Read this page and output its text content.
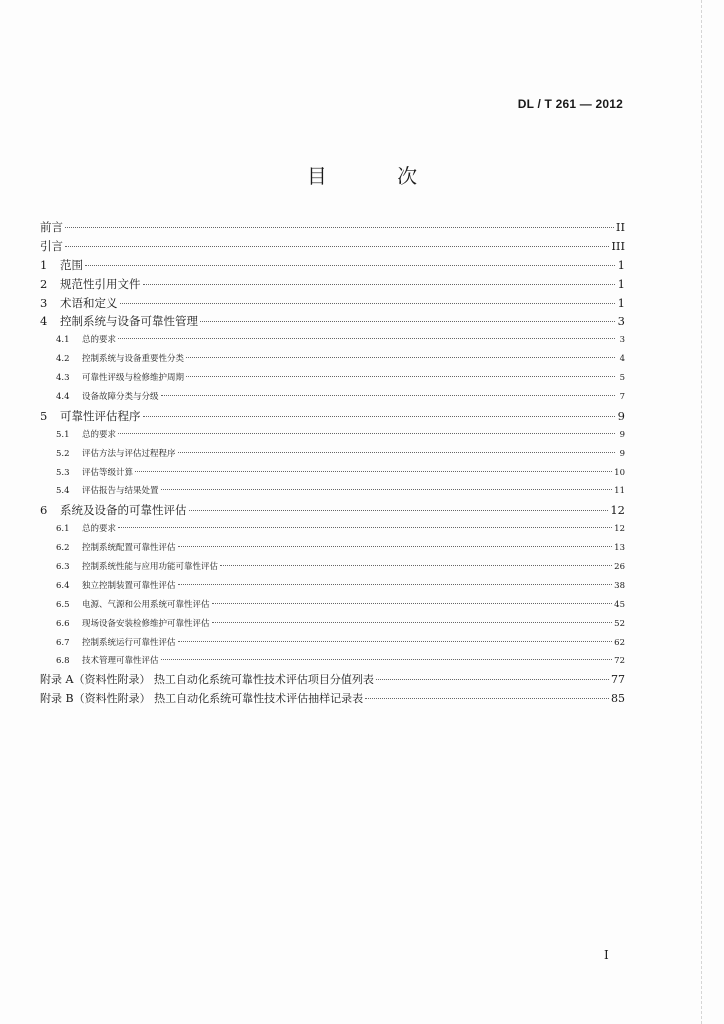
DL / T 261 — 2012
目 次
前言	II
引言	III
1	范围	1
2	规范性引用文件	1
3	术语和定义	1
4	控制系统与设备可靠性管理	3
4.1	总的要求	3
4.2	控制系统与设备重要性分类	4
4.3	可靠性评级与检修维护周期	5
4.4	设备故障分类与分级	7
5	可靠性评估程序	9
5.1	总的要求	9
5.2	评估方法与评估过程程序	9
5.3	评估等级计算	10
5.4	评估报告与结果处置	11
6	系统及设备的可靠性评估	12
6.1	总的要求	12
6.2	控制系统配置可靠性评估	13
6.3	控制系统性能与应用功能可靠性评估	26
6.4	独立控制装置可靠性评估	38
6.5	电源、气源和公用系统可靠性评估	45
6.6	现场设备安装检修维护可靠性评估	52
6.7	控制系统运行可靠性评估	62
6.8	技术管理可靠性评估	72
附录 A（资料性附录） 热工自动化系统可靠性技术评估项目分值列表	77
附录 B（资料性附录） 热工自动化系统可靠性技术评估抽样记录表	85
I
